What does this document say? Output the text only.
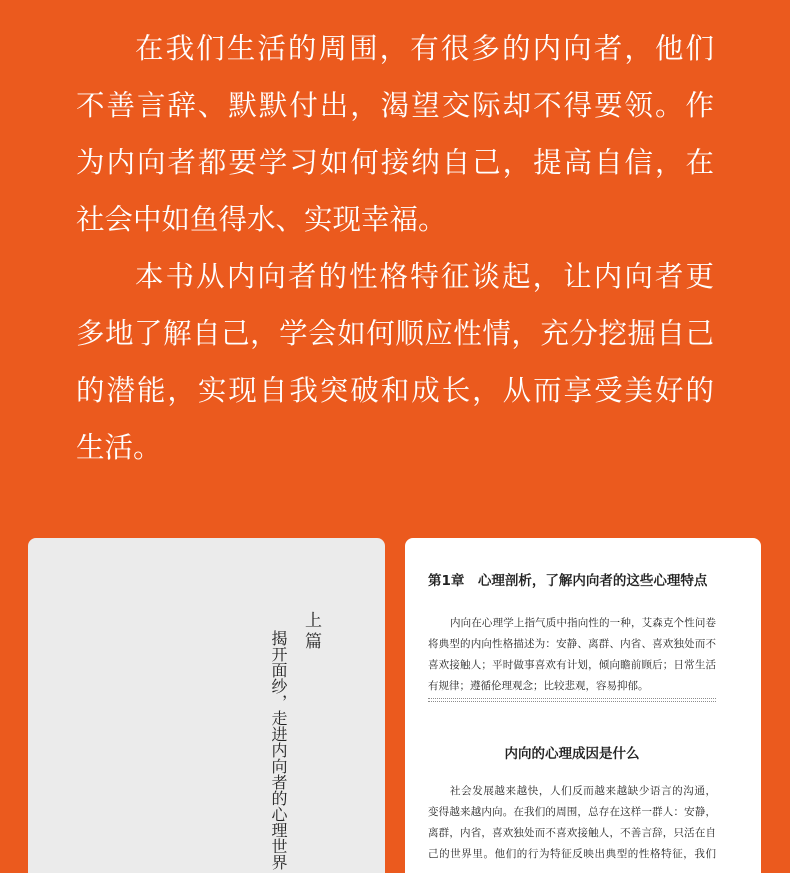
在我们生活的周围，有很多的内向者，他们
不善言辞、默默付出，渴望交际却不得要领。作
为内向者都要学习如何接纳自己，提高自信，在
社会中如鱼得水、实现幸福。
本书从内向者的性格特征谈起，让内向者更
多地了解自己，学会如何顺应性情，充分挖掘自己
的潜能，实现自我突破和成长，从而享受美好的
生活。
上篇
揭开面纱，走进内向者的心理世界
第1章　心理剖析，了解内向者的这些心理特点
内向在心理学上指气质中指向性的一种，艾森克个性问卷
将典型的内向性格描述为：安静、离群、内省、喜欢独处而不
喜欢接触人；平时做事喜欢有计划，倾向瞻前顾后；日常生活
有规律；遵循伦理观念；比较悲观，容易抑郁。
内向的心理成因是什么
社会发展越来越快，人们反而越来越缺少语言的沟通，
变得越来越内向。在我们的周围，总存在这样一群人：安静，
离群，内省，喜欢独处而不喜欢接触人，不善言辞，只活在自
己的世界里。他们的行为特征反映出典型的性格特征，我们
